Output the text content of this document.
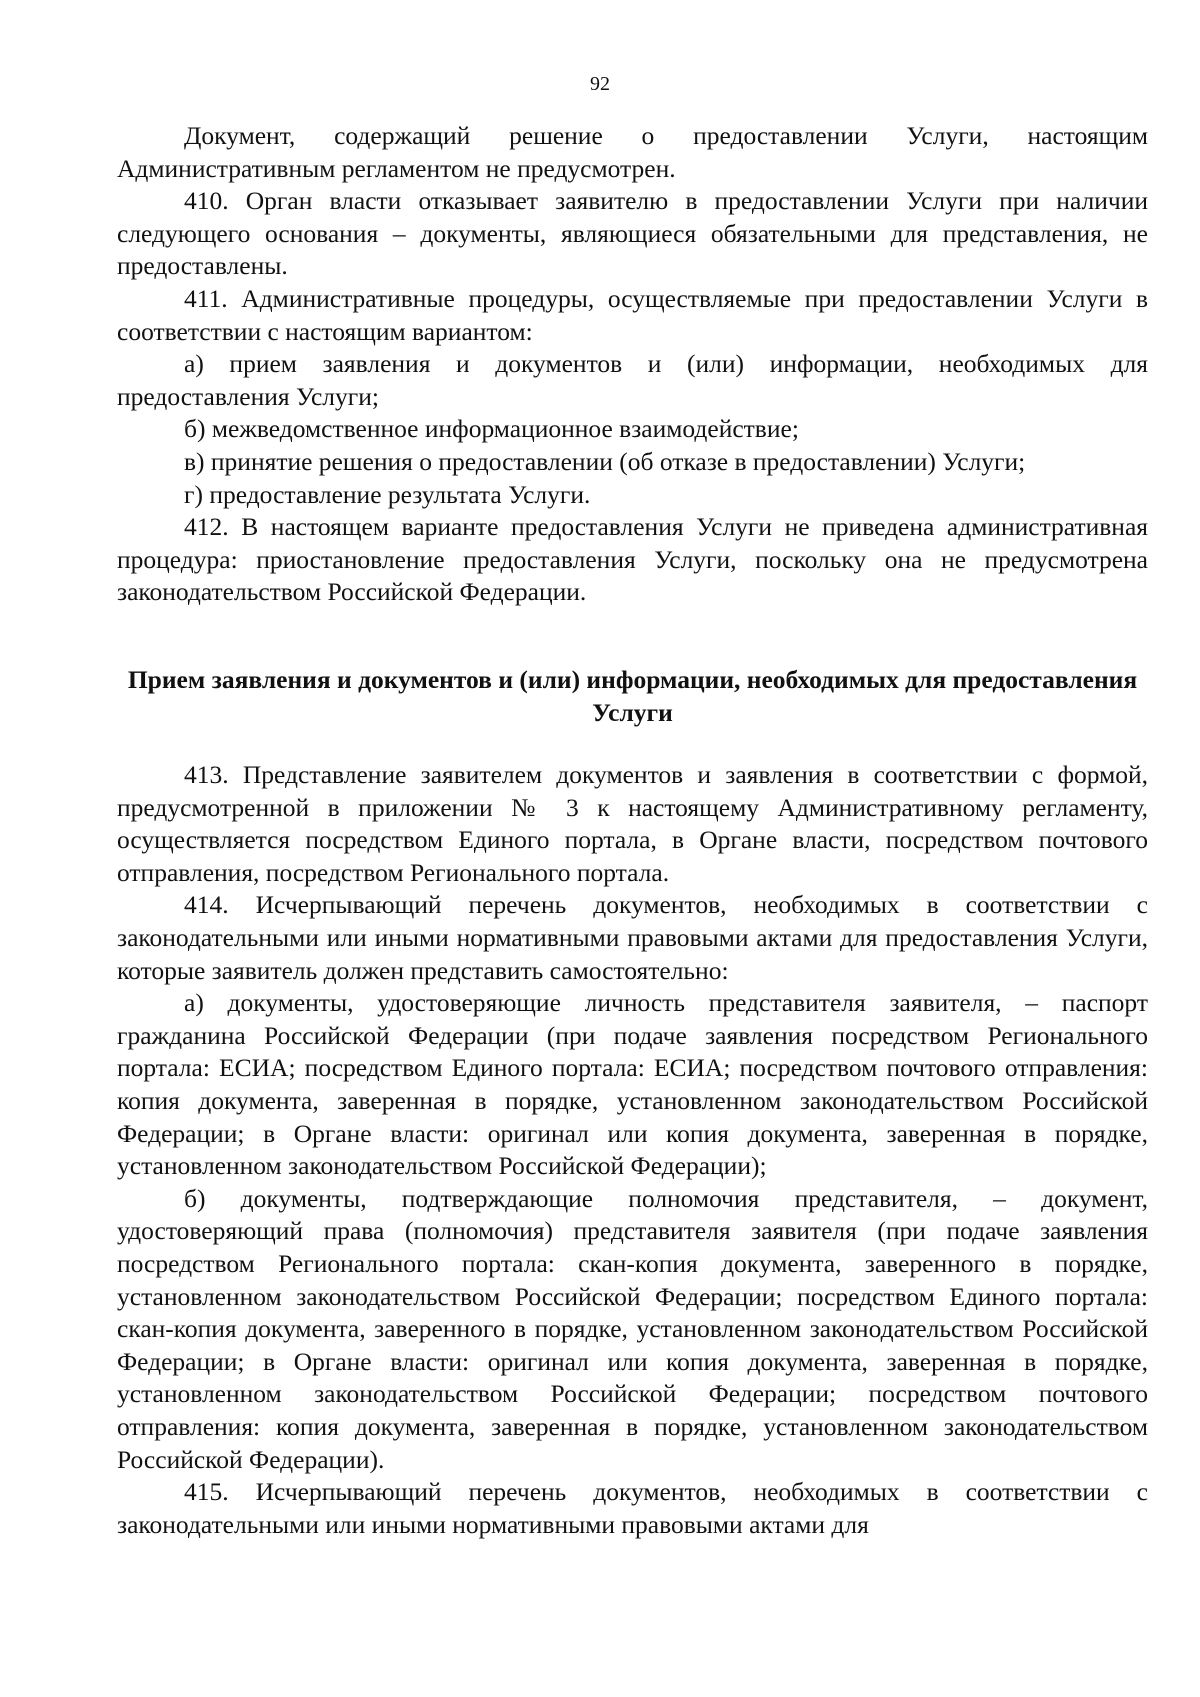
92

Документ, содержащий решение о предоставлении Услуги, настоящим Административным регламентом не предусмотрен.

410. Орган власти отказывает заявителю в предоставлении Услуги при наличии следующего основания – документы, являющиеся обязательными для представления, не предоставлены.

411. Административные процедуры, осуществляемые при предоставлении Услуги в соответствии с настоящим вариантом:

а) прием заявления и документов и (или) информации, необходимых для предоставления Услуги;

б) межведомственное информационное взаимодействие;

в) принятие решения о предоставлении (об отказе в предоставлении) Услуги;

г) предоставление результата Услуги.

412. В настоящем варианте предоставления Услуги не приведена административная процедура: приостановление предоставления Услуги, поскольку она не предусмотрена законодательством Российской Федерации.

Прием заявления и документов и (или) информации, необходимых для предоставления Услуги

413. Представление заявителем документов и заявления в соответствии с формой, предусмотренной в приложении № 3 к настоящему Административному регламенту, осуществляется посредством Единого портала, в Органе власти, посредством почтового отправления, посредством Регионального портала.

414. Исчерпывающий перечень документов, необходимых в соответствии с законодательными или иными нормативными правовыми актами для предоставления Услуги, которые заявитель должен представить самостоятельно:

а) документы, удостоверяющие личность представителя заявителя, – паспорт гражданина Российской Федерации (при подаче заявления посредством Регионального портала: ЕСИА; посредством Единого портала: ЕСИА; посредством почтового отправления: копия документа, заверенная в порядке, установленном законодательством Российской Федерации; в Органе власти: оригинал или копия документа, заверенная в порядке, установленном законодательством Российской Федерации);

б) документы, подтверждающие полномочия представителя, – документ, удостоверяющий права (полномочия) представителя заявителя (при подаче заявления посредством Регионального портала: скан-копия документа, заверенного в порядке, установленном законодательством Российской Федерации; посредством Единого портала: скан-копия документа, заверенного в порядке, установленном законодательством Российской Федерации; в Органе власти: оригинал или копия документа, заверенная в порядке, установленном законодательством Российской Федерации; посредством почтового отправления: копия документа, заверенная в порядке, установленном законодательством Российской Федерации).

415. Исчерпывающий перечень документов, необходимых в соответствии с законодательными или иными нормативными правовыми актами для
